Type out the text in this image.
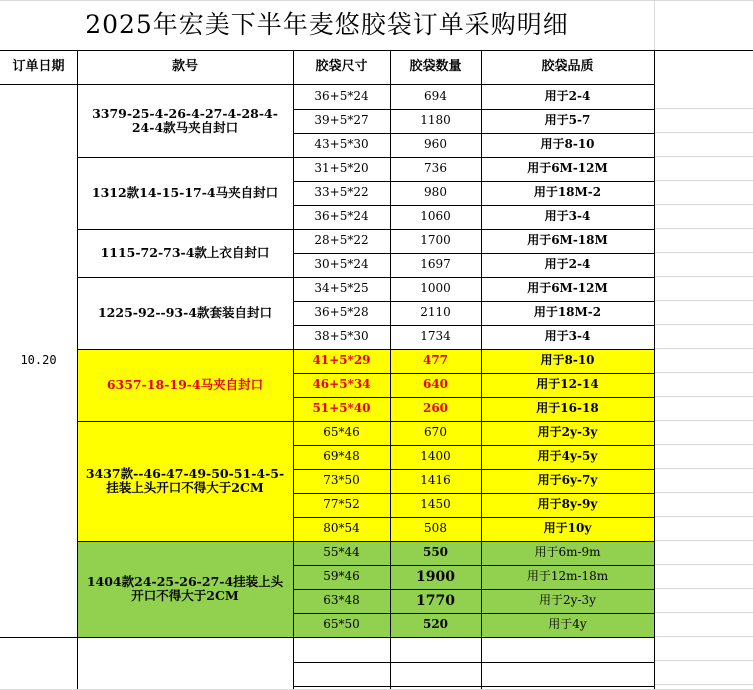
2025年宏美下半年麦悠胶袋订单采购明细
订单日期	款号	胶袋尺寸	胶袋数量	胶袋品质
3379-25-4-26-4-27-4-28-4-24-4款马夹自封口
36+5*24	694	用于2-4
39+5*27	1180	用于5-7
43+5*30	960	用于8-10
1312款14-15-17-4马夹自封口
31+5*20	736	用于6M-12M
33+5*22	980	用于18M-2
36+5*24	1060	用于3-4
1115-72-73-4款上衣自封口
28+5*22	1700	用于6M-18M
30+5*24	1697	用于2-4
1225-92--93-4款套装自封口
34+5*25	1000	用于6M-12M
36+5*28	2110	用于18M-2
38+5*30	1734	用于3-4
6357-18-19-4马夹自封口
41+5*29	477	用于8-10
46+5*34	640	用于12-14
51+5*40	260	用于16-18
3437款--46-47-49-50-51-4-5-挂装上头开口不得大于2CM
65*46	670	用于2y-3y
69*48	1400	用于4y-5y
73*50	1416	用于6y-7y
77*52	1450	用于8y-9y
80*54	508	用于10y
1404款24-25-26-27-4挂装上头开口不得大于2CM
55*44	550	用于6m-9m
59*46	1900	用于12m-18m
63*48	1770	用于2y-3y
65*50	520	用于4y
10.20
